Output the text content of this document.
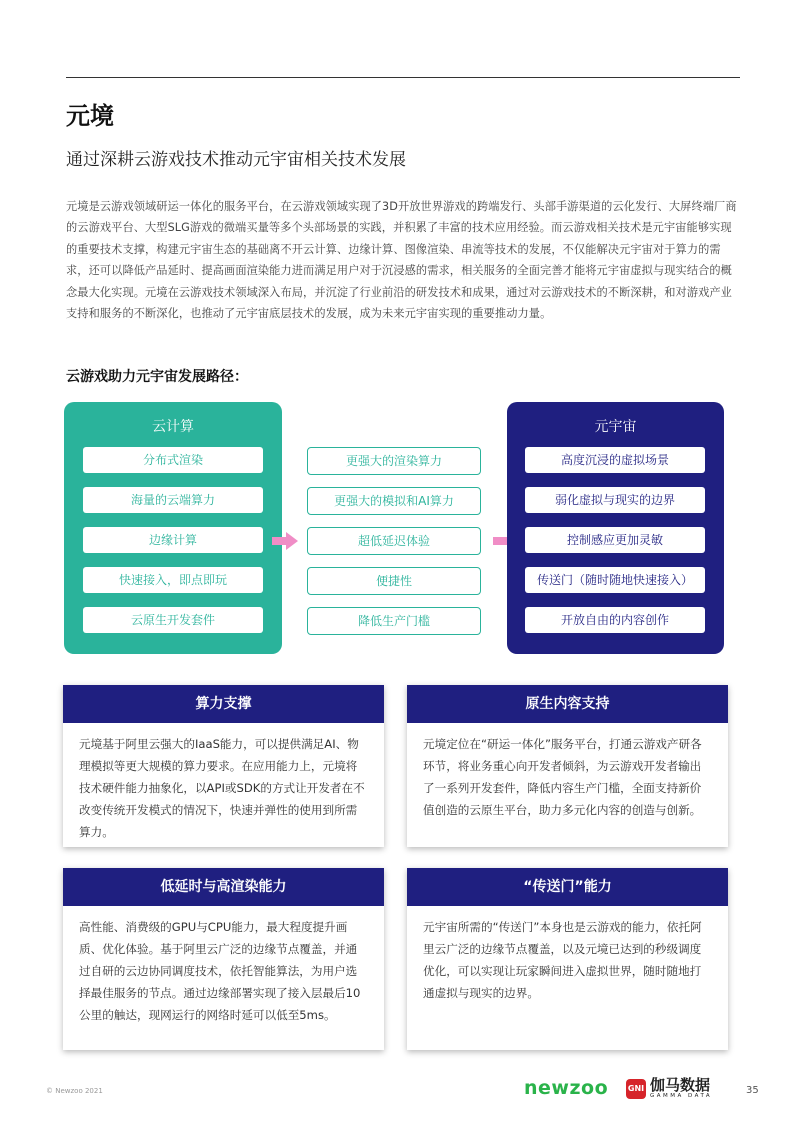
元境
通过深耕云游戏技术推动元宇宙相关技术发展

元境是云游戏领域研运一体化的服务平台，在云游戏领域实现了3D开放世界游戏的跨端发行、头部手游渠道的云化发行、大屏终端厂商的云游戏平台、大型SLG游戏的微端买量等多个头部场景的实践，并积累了丰富的技术应用经验。而云游戏相关技术是元宇宙能够实现的重要技术支撑，构建元宇宙生态的基础离不开云计算、边缘计算、图像渲染、串流等技术的发展，不仅能解决元宇宙对于算力的需求，还可以降低产品延时、提高画面渲染能力进而满足用户对于沉浸感的需求，相关服务的全面完善才能将元宇宙虚拟与现实结合的概念最大化实现。元境在云游戏技术领域深入布局，并沉淀了行业前沿的研发技术和成果，通过对云游戏技术的不断深耕，和对游戏产业支持和服务的不断深化，也推动了元宇宙底层技术的发展，成为未来元宇宙实现的重要推动力量。

云游戏助力元宇宙发展路径：
云计算
分布式渲染
海量的云端算力
边缘计算
快速接入，即点即玩
云原生开发套件
更强大的渲染算力
更强大的模拟和AI算力
超低延迟体验
便捷性
降低生产门槛
元宇宙
高度沉浸的虚拟场景
弱化虚拟与现实的边界
控制感应更加灵敏
传送门（随时随地快速接入）
开放自由的内容创作
算力支撑

元境基于阿里云强大的IaaS能力，可以提供满足AI、物理模拟等更大规模的算力要求。在应用能力上，元境将技术硬件能力抽象化，以API或SDK的方式让开发者在不改变传统开发模式的情况下，快速并弹性的使用到所需算力。

原生内容支持

元境定位在“研运一体化”服务平台，打通云游戏产研各环节，将业务重心向开发者倾斜，为云游戏开发者输出了一系列开发套件，降低内容生产门槛，全面支持新价值创造的云原生平台，助力多元化内容的创造与创新。

低延时与高渲染能力

高性能、消费级的GPU与CPU能力，最大程度提升画质、优化体验。基于阿里云广泛的边缘节点覆盖，并通过自研的云边协同调度技术，依托智能算法，为用户选择最佳服务的节点。通过边缘部署实现了接入层最后10公里的触达，现网运行的网络时延可以低至5ms。

“传送门”能力

元宇宙所需的“传送门”本身也是云游戏的能力，依托阿里云广泛的边缘节点覆盖，以及元境已达到的秒级调度优化，可以实现让玩家瞬间进入虚拟世界，随时随地打通虚拟与现实的边界。

© Newzoo 2021	newzoo GNI 伽马数据
GAMMA DATA	35
